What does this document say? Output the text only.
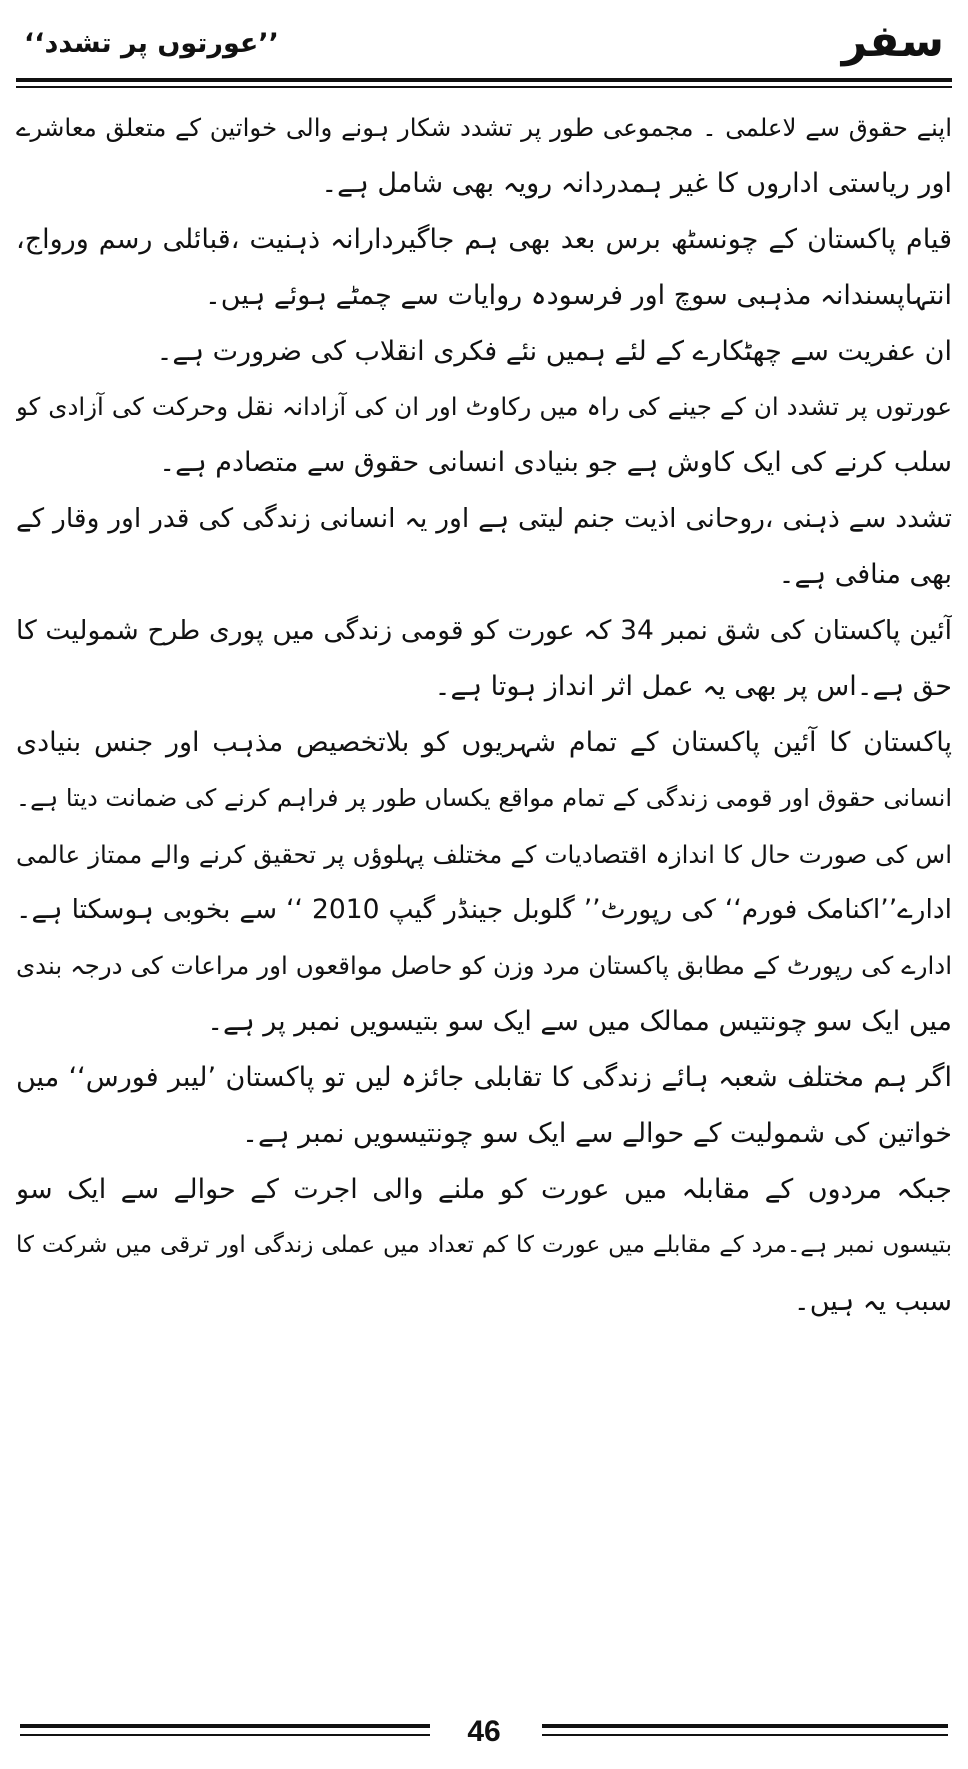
سفر
’’عورتوں پر تشدد‘‘
اپنے حقوق سے لاعلمی ۔ مجموعی طور پر تشدد شکار ہونے والی خواتین کے متعلق معاشرے
اور ریاستی اداروں کا غیر ہمدردانہ رویہ بھی شامل ہے۔
قیام پاکستان کے چونسٹھ برس بعد بھی ہم جاگیردارانہ ذہنیت ،قبائلی رسم ورواج،
انتہاپسندانہ مذہبی سوچ اور فرسودہ روایات سے چمٹے ہوئے ہیں۔
ان عفریت سے چھٹکارے کے لئے ہمیں نئے فکری انقلاب کی ضرورت ہے۔
عورتوں پر تشدد ان کے جینے کی راہ میں رکاوٹ اور ان کی آزادانہ نقل وحرکت کی آزادی کو
سلب کرنے کی ایک کاوش ہے جو بنیادی انسانی حقوق سے متصادم ہے۔
تشدد سے ذہنی ،روحانی اذیت جنم لیتی ہے اور یہ انسانی زندگی کی قدر اور وقار کے
بھی منافی ہے۔
آئین پاکستان کی شق نمبر 34 کہ عورت کو قومی زندگی میں پوری طرح شمولیت کا
حق ہے۔اس پر بھی یہ عمل اثر انداز ہوتا ہے۔
پاکستان کا آئین پاکستان کے تمام شہریوں کو بلاتخصیص مذہب اور جنس بنیادی
انسانی حقوق اور قومی زندگی کے تمام مواقع یکساں طور پر فراہم کرنے کی ضمانت دیتا ہے۔
اس کی صورت حال کا اندازہ اقتصادیات کے مختلف پہلوؤں پر تحقیق کرنے والے ممتاز عالمی
ادارے’’اکنامک فورم‘‘ کی رپورٹ’’ گلوبل جینڈر گیپ 2010 ‘‘ سے بخوبی ہوسکتا ہے۔
ادارے کی رپورٹ کے مطابق پاکستان مرد وزن کو حاصل مواقعوں اور مراعات کی درجہ بندی
میں ایک سو چونتیس ممالک میں سے ایک سو بتیسویں نمبر پر ہے۔
اگر ہم مختلف شعبہ ہائے زندگی کا تقابلی جائزہ لیں تو پاکستان ’لیبر فورس‘‘ میں
خواتین کی شمولیت کے حوالے سے ایک سو چونتیسویں نمبر ہے۔
جبکہ مردوں کے مقابلہ میں عورت کو ملنے والی اجرت کے حوالے سے ایک سو
بتیسوں نمبر ہے۔مرد کے مقابلے میں عورت کا کم تعداد میں عملی زندگی اور ترقی میں شرکت کا
سبب یہ ہیں۔
46
